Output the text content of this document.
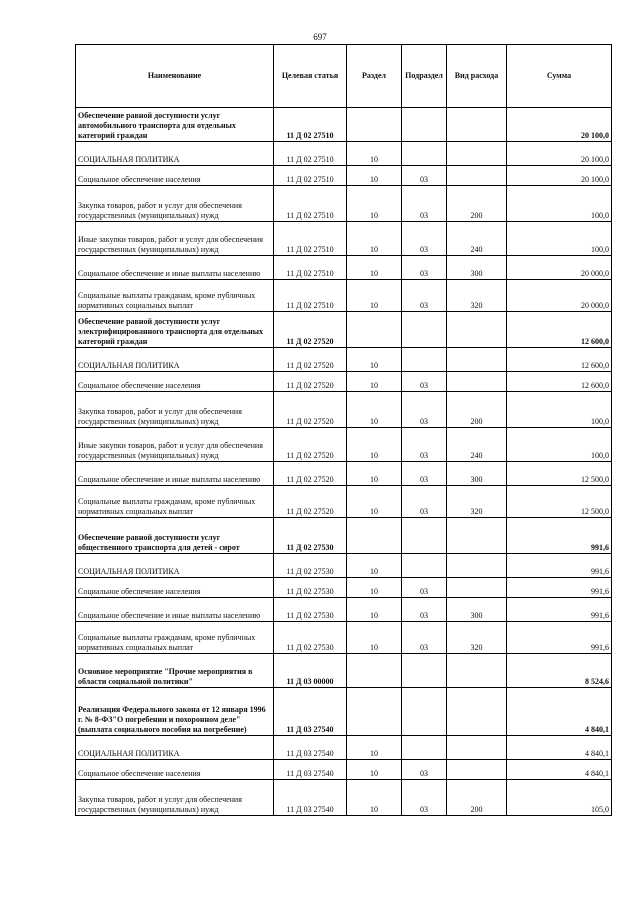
697
Наименование	Целевая статья	Раздел	Подраздел	Вид расхода	Сумма
Обеспечение равной доступности услуг автомобильного транспорта для отдельных категорий граждан	11 Д 02 27510				20 100,0
СОЦИАЛЬНАЯ ПОЛИТИКА	11 Д 02 27510	10			20 100,0
Социальное обеспечение населения	11 Д 02 27510	10	03		20 100,0
Закупка товаров, работ и услуг для обеспечения государственных (муниципальных) нужд	11 Д 02 27510	10	03	200	100,0
Иные закупки товаров, работ и услуг для обеспечения государственных (муниципальных) нужд	11 Д 02 27510	10	03	240	100,0
Социальное обеспечение и иные выплаты населению	11 Д 02 27510	10	03	300	20 000,0
Социальные выплаты гражданам, кроме публичных нормативных социальных выплат	11 Д 02 27510	10	03	320	20 000,0
Обеспечение равной доступности услуг электрифицированного транспорта для отдельных категорий граждан	11 Д 02 27520				12 600,0
СОЦИАЛЬНАЯ ПОЛИТИКА	11 Д 02 27520	10			12 600,0
Социальное обеспечение населения	11 Д 02 27520	10	03		12 600,0
Закупка товаров, работ и услуг для обеспечения государственных (муниципальных) нужд	11 Д 02 27520	10	03	200	100,0
Иные закупки товаров, работ и услуг для обеспечения государственных (муниципальных) нужд	11 Д 02 27520	10	03	240	100,0
Социальное обеспечение и иные выплаты населению	11 Д 02 27520	10	03	300	12 500,0
Социальные выплаты гражданам, кроме публичных нормативных социальных выплат	11 Д 02 27520	10	03	320	12 500,0
Обеспечение равной доступности услуг общественного транспорта для детей - сирот	11 Д 02 27530				991,6
СОЦИАЛЬНАЯ ПОЛИТИКА	11 Д 02 27530	10			991,6
Социальное обеспечение населения	11 Д 02 27530	10	03		991,6
Социальное обеспечение и иные выплаты населению	11 Д 02 27530	10	03	300	991,6
Социальные выплаты гражданам, кроме публичных нормативных социальных выплат	11 Д 02 27530	10	03	320	991,6
Основное мероприятие "Прочие мероприятия в области социальной политики"	11 Д 03 00000				8 524,6
Реализация Федерального закона от 12 января 1996 г. № 8-ФЗ"О погребении и похоронном деле" (выплата социального пособия на погребение)	11 Д 03 27540				4 840,1
СОЦИАЛЬНАЯ ПОЛИТИКА	11 Д 03 27540	10			4 840,1
Социальное обеспечение населения	11 Д 03 27540	10	03		4 840,1
Закупка товаров, работ и услуг для обеспечения государственных (муниципальных) нужд	11 Д 03 27540	10	03	200	105,0
